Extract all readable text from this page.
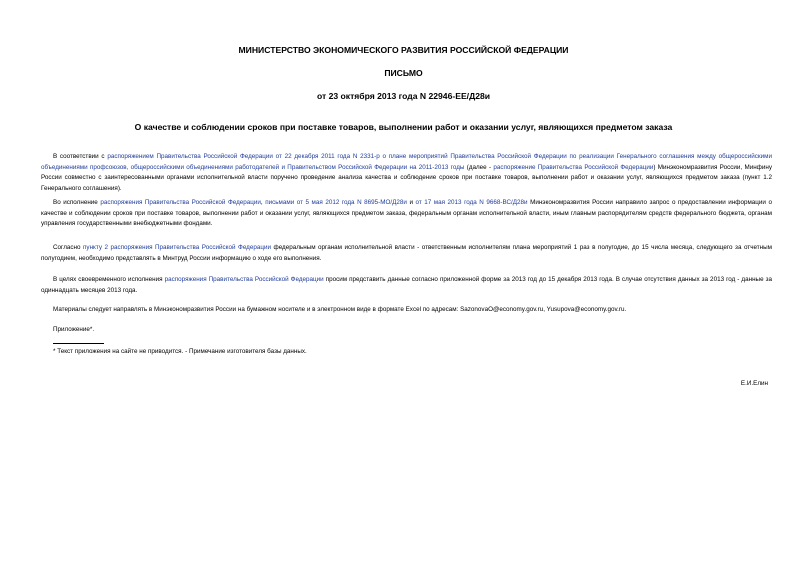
МИНИСТЕРСТВО ЭКОНОМИЧЕСКОГО РАЗВИТИЯ РОССИЙСКОЙ ФЕДЕРАЦИИ
ПИСЬМО
от 23 октября 2013 года N 22946-ЕЕ/Д28и
О качестве и соблюдении сроков при поставке товаров, выполнении работ и оказании услуг, являющихся предметом заказа
В соответствии с распоряжением Правительства Российской Федерации от 22 декабря 2011 года N 2331-р о плане мероприятий Правительства Российской Федерации по реализации Генерального соглашения между общероссийскими объединениями профсоюзов, общероссийскими объединениями работодателей и Правительством Российской Федерации на 2011-2013 годы (далее - распоряжение Правительства Российской Федерации) Минэкономразвития России, Минфину России совместно с заинтересованными органами исполнительной власти поручено проведение анализа качества и соблюдение сроков при поставке товаров, выполнении работ и оказании услуг, являющихся предметом заказа (пункт 1.2 Генерального соглашения).
Во исполнение распоряжения Правительства Российской Федерации, письмами от 5 мая 2012 года N 8695-МО/Д28и и от 17 мая 2013 года N 9668-ВС/Д28и Минэкономразвития России направило запрос о предоставлении информации о качестве и соблюдении сроков при поставке товаров, выполнении работ и оказании услуг, являющихся предметом заказа, федеральным органам исполнительной власти, иным главным распорядителям средств федерального бюджета, органам управления государственными внебюджетными фондами.
Согласно пункту 2 распоряжения Правительства Российской Федерации федеральным органам исполнительной власти - ответственным исполнителям плана мероприятий 1 раз в полугодие, до 15 числа месяца, следующего за отчетным полугодием, необходимо представлять в Минтруд России информацию о ходе его выполнения.
В целях своевременного исполнения распоряжения Правительства Российской Федерации просим представить данные согласно приложенной форме за 2013 год до 15 декабря 2013 года. В случае отсутствия данных за 2013 год - данные за одиннадцать месяцев 2013 года.
Материалы следует направлять в Минэкономразвития России на бумажном носителе и в электронном виде в формате Excel по адресам: SazonovaO@economy.gov.ru, Yusupova@economy.gov.ru.
Приложение*.
* Текст приложения на сайте не приводится. - Примечание изготовителя базы данных.
Е.И.Елин
